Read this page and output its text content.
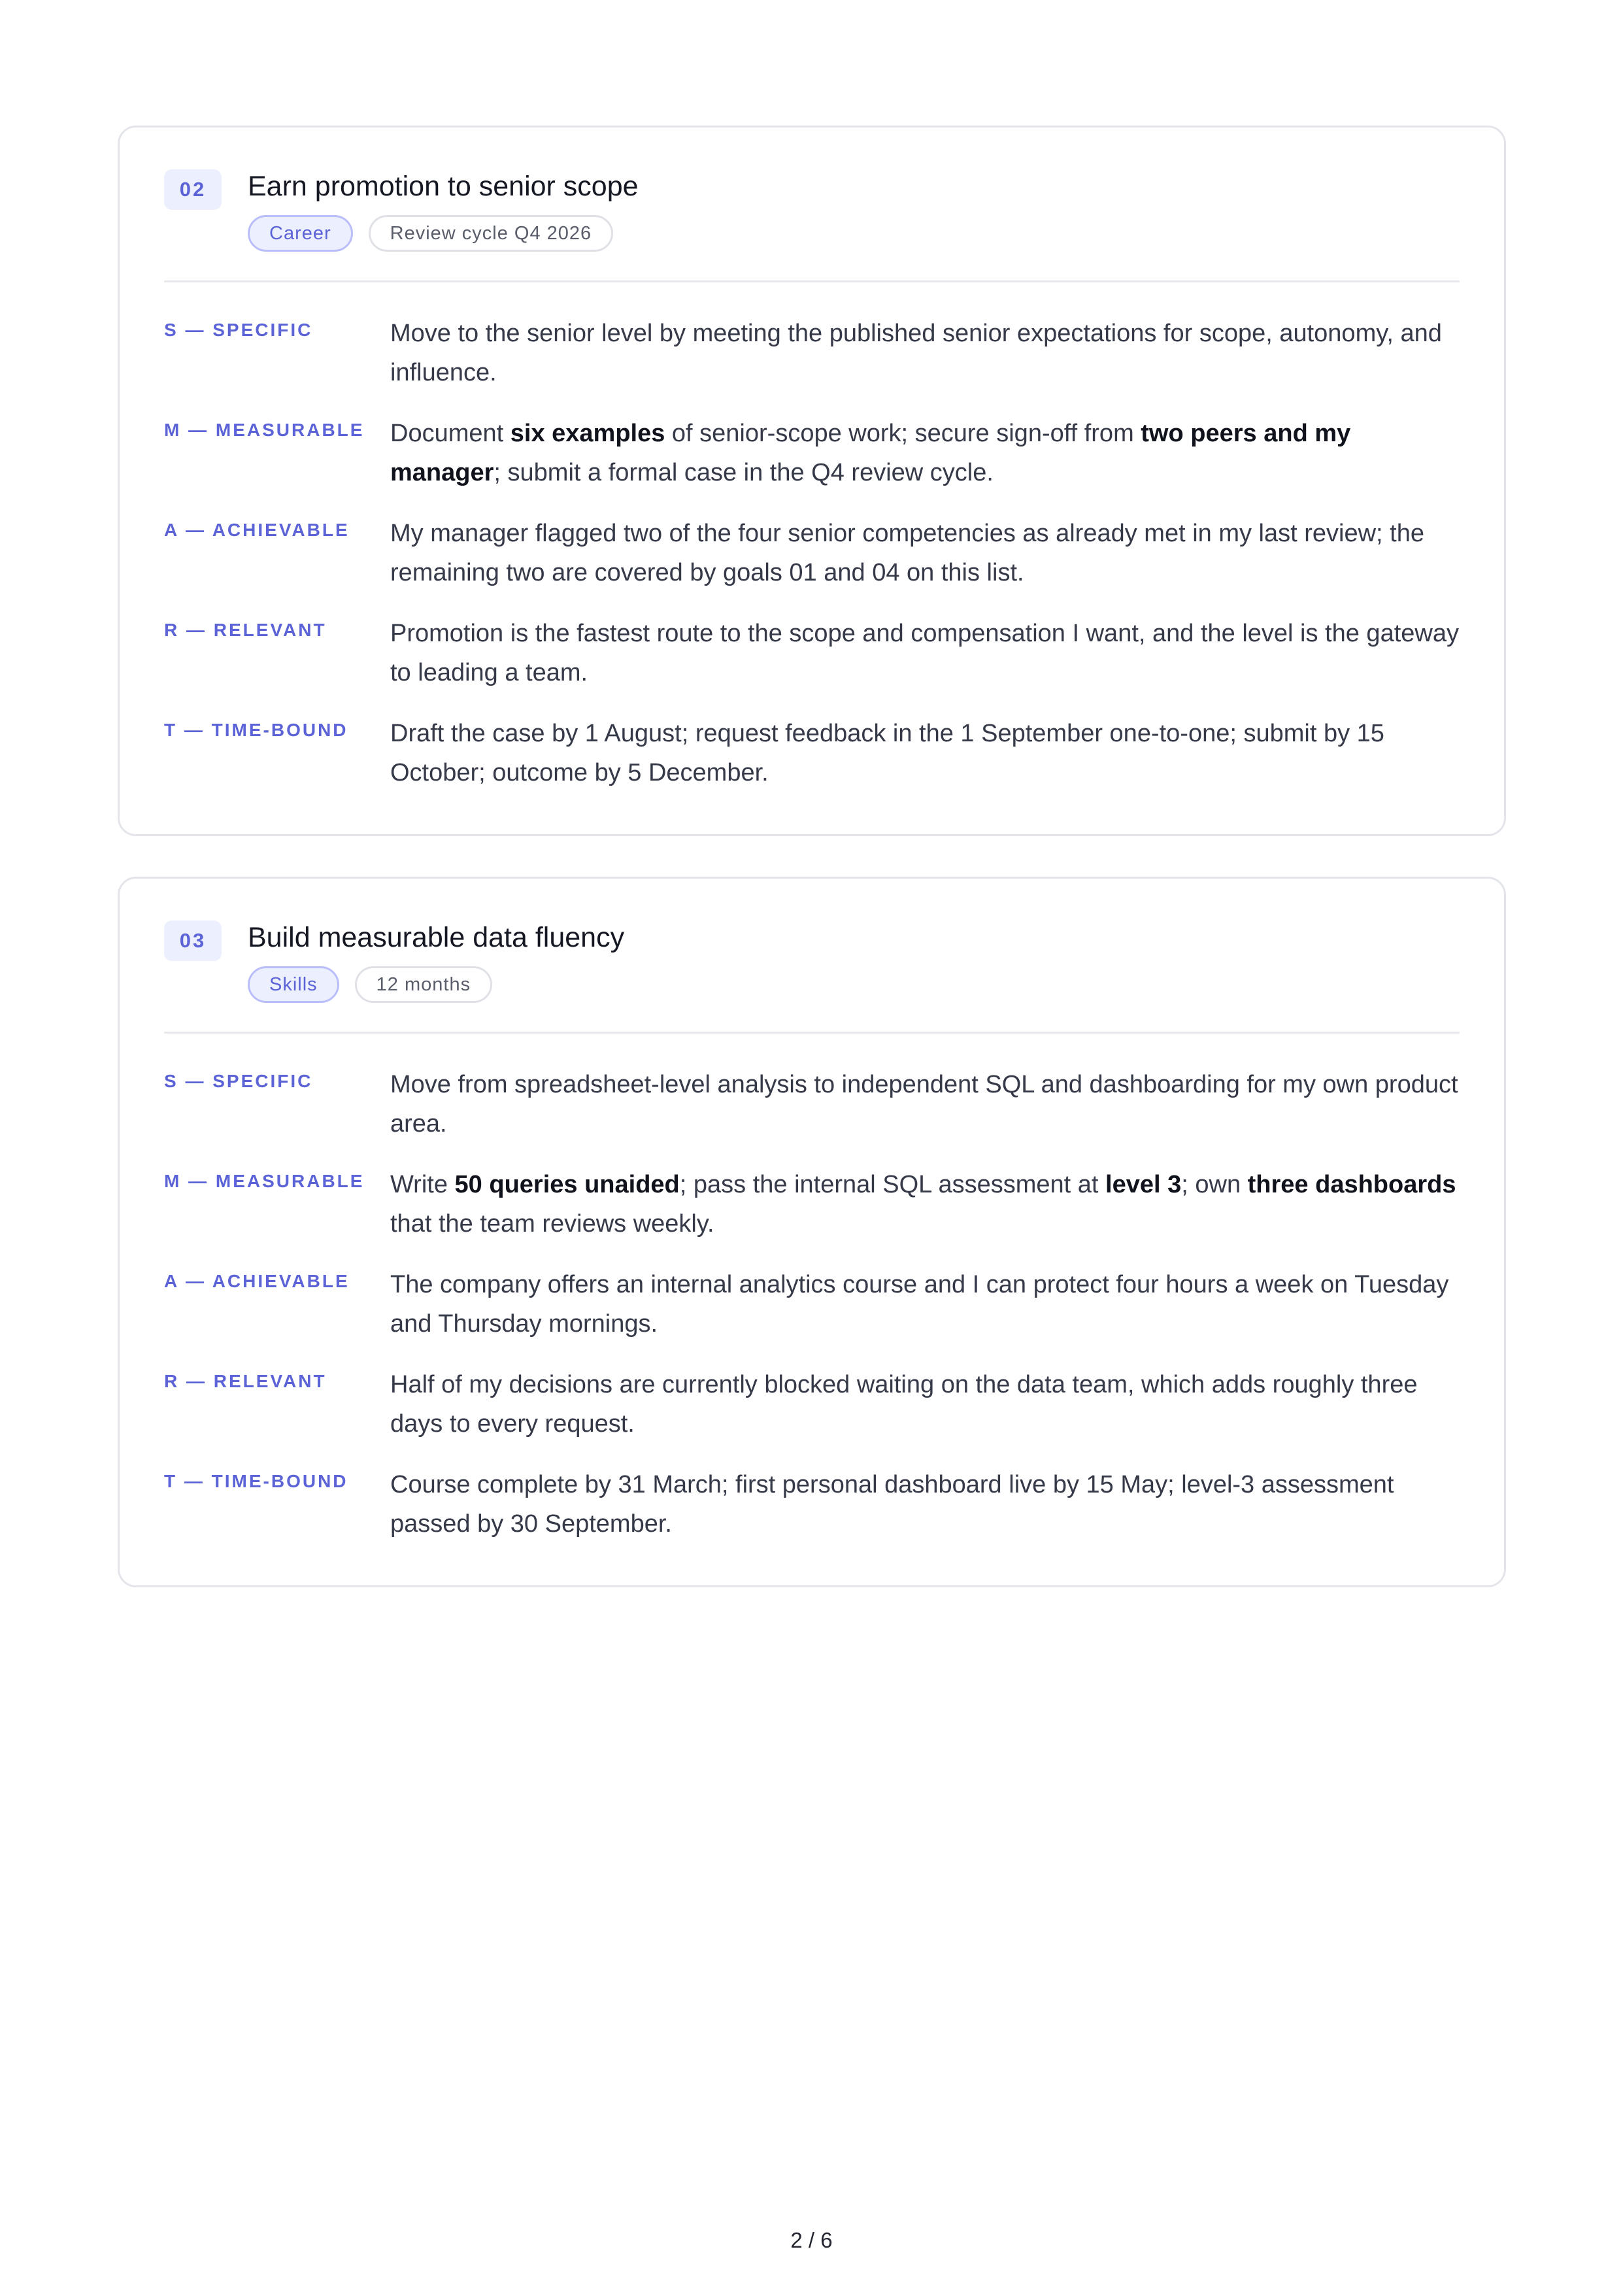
02	Earn promotion to senior scope
Career	Review cycle Q4 2026
S — SPECIFIC	Move to the senior level by meeting the published senior expectations for scope, autonomy, and influence.
M — MEASURABLE	Document six examples of senior-scope work; secure sign-off from two peers and my manager; submit a formal case in the Q4 review cycle.
A — ACHIEVABLE	My manager flagged two of the four senior competencies as already met in my last review; the remaining two are covered by goals 01 and 04 on this list.
R — RELEVANT	Promotion is the fastest route to the scope and compensation I want, and the level is the gateway to leading a team.
T — TIME-BOUND	Draft the case by 1 August; request feedback in the 1 September one-to-one; submit by 15 October; outcome by 5 December.
03	Build measurable data fluency
Skills	12 months
S — SPECIFIC	Move from spreadsheet-level analysis to independent SQL and dashboarding for my own product area.
M — MEASURABLE	Write 50 queries unaided; pass the internal SQL assessment at level 3; own three dashboards that the team reviews weekly.
A — ACHIEVABLE	The company offers an internal analytics course and I can protect four hours a week on Tuesday and Thursday mornings.
R — RELEVANT	Half of my decisions are currently blocked waiting on the data team, which adds roughly three days to every request.
T — TIME-BOUND	Course complete by 31 March; first personal dashboard live by 15 May; level-3 assessment passed by 30 September.
2 / 6
